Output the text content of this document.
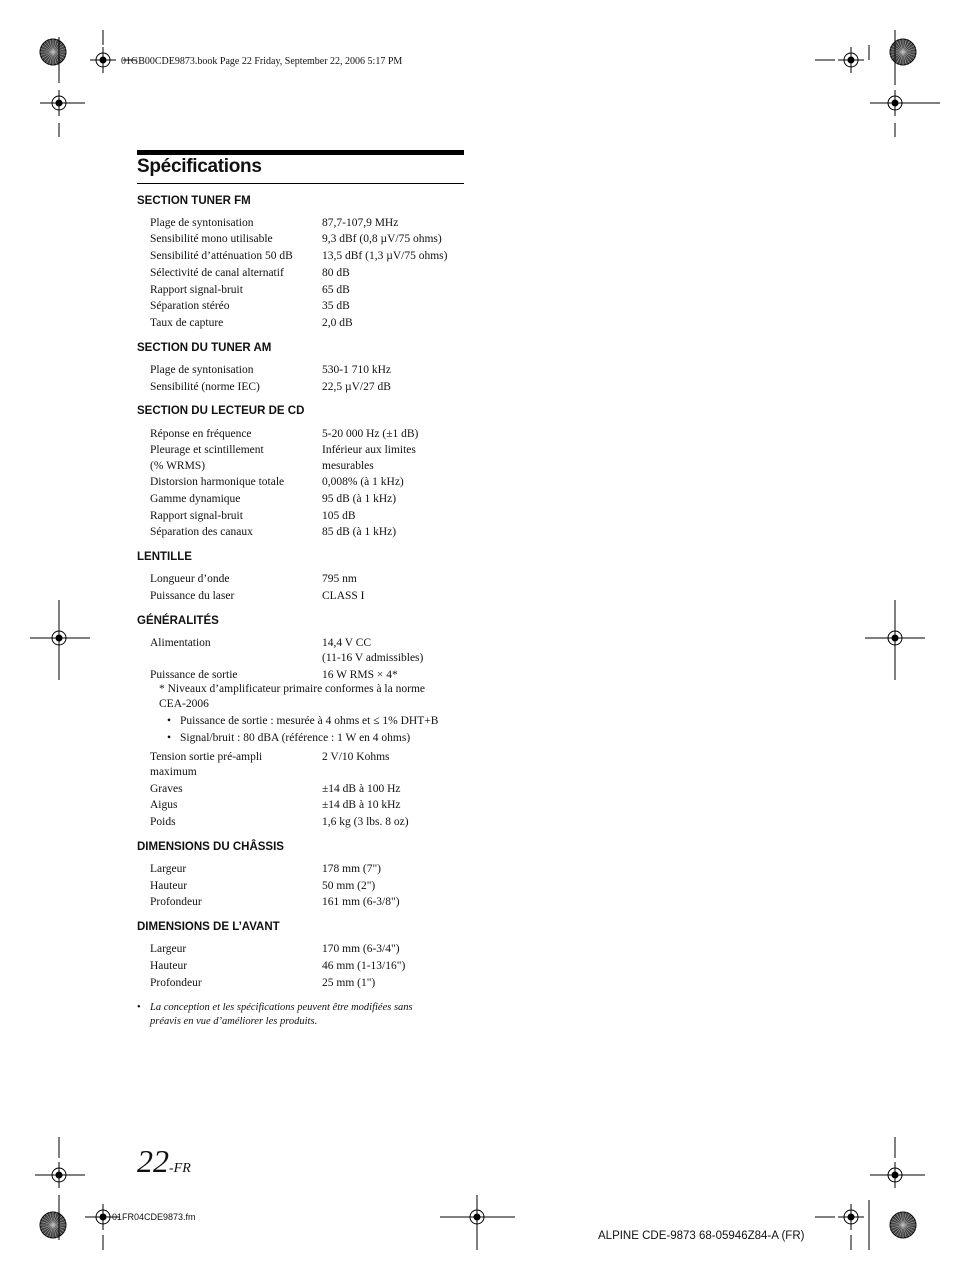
01GB00CDE9873.book Page 22 Friday, September 22, 2006 5:17 PM
Spécifications
SECTION TUNER FM
Plage de syntonisation	87,7-107,9 MHz
Sensibilité mono utilisable	9,3 dBf (0,8 µV/75 ohms)
Sensibilité d’atténuation 50 dB	13,5 dBf (1,3 µV/75 ohms)
Sélectivité de canal alternatif	80 dB
Rapport signal-bruit	65 dB
Séparation stéréo	35 dB
Taux de capture	2,0 dB
SECTION DU TUNER AM
Plage de syntonisation	530-1 710 kHz
Sensibilité (norme IEC)	22,5 µV/27 dB
SECTION DU LECTEUR DE CD
Réponse en fréquence	5-20 000 Hz (±1 dB)
Pleurage et scintillement	Inférieur aux limites
(% WRMS)	mesurables
Distorsion harmonique totale	0,008% (à 1 kHz)
Gamme dynamique	95 dB (à 1 kHz)
Rapport signal-bruit	105 dB
Séparation des canaux	85 dB (à 1 kHz)
LENTILLE
Longueur d’onde	795 nm
Puissance du laser	CLASS I
GÉNÉRALITÉS
Alimentation	14,4 V CC
(11-16 V admissibles)
Puissance de sortie	16 W RMS × 4*
* Niveaux d’amplificateur primaire conformes à la norme
CEA-2006
• Puissance de sortie : mesurée à 4 ohms et ≤ 1% DHT+B
• Signal/bruit : 80 dBA (référence : 1 W en 4 ohms)
Tension sortie pré-ampli	2 V/10 Kohms
maximum
Graves	±14 dB à 100 Hz
Aigus	±14 dB à 10 kHz
Poids	1,6 kg (3 lbs. 8 oz)
DIMENSIONS DU CHÂSSIS
Largeur	178 mm (7")
Hauteur	50 mm (2")
Profondeur	161 mm (6-3/8")
DIMENSIONS DE L’AVANT
Largeur	170 mm (6-3/4")
Hauteur	46 mm (1-13/16")
Profondeur	25 mm (1")
• La conception et les spécifications peuvent être modifiées sans
préavis en vue d’améliorer les produits.
22-FR
01FR04CDE9873.fm
ALPINE CDE-9873 68-05946Z84-A (FR)
